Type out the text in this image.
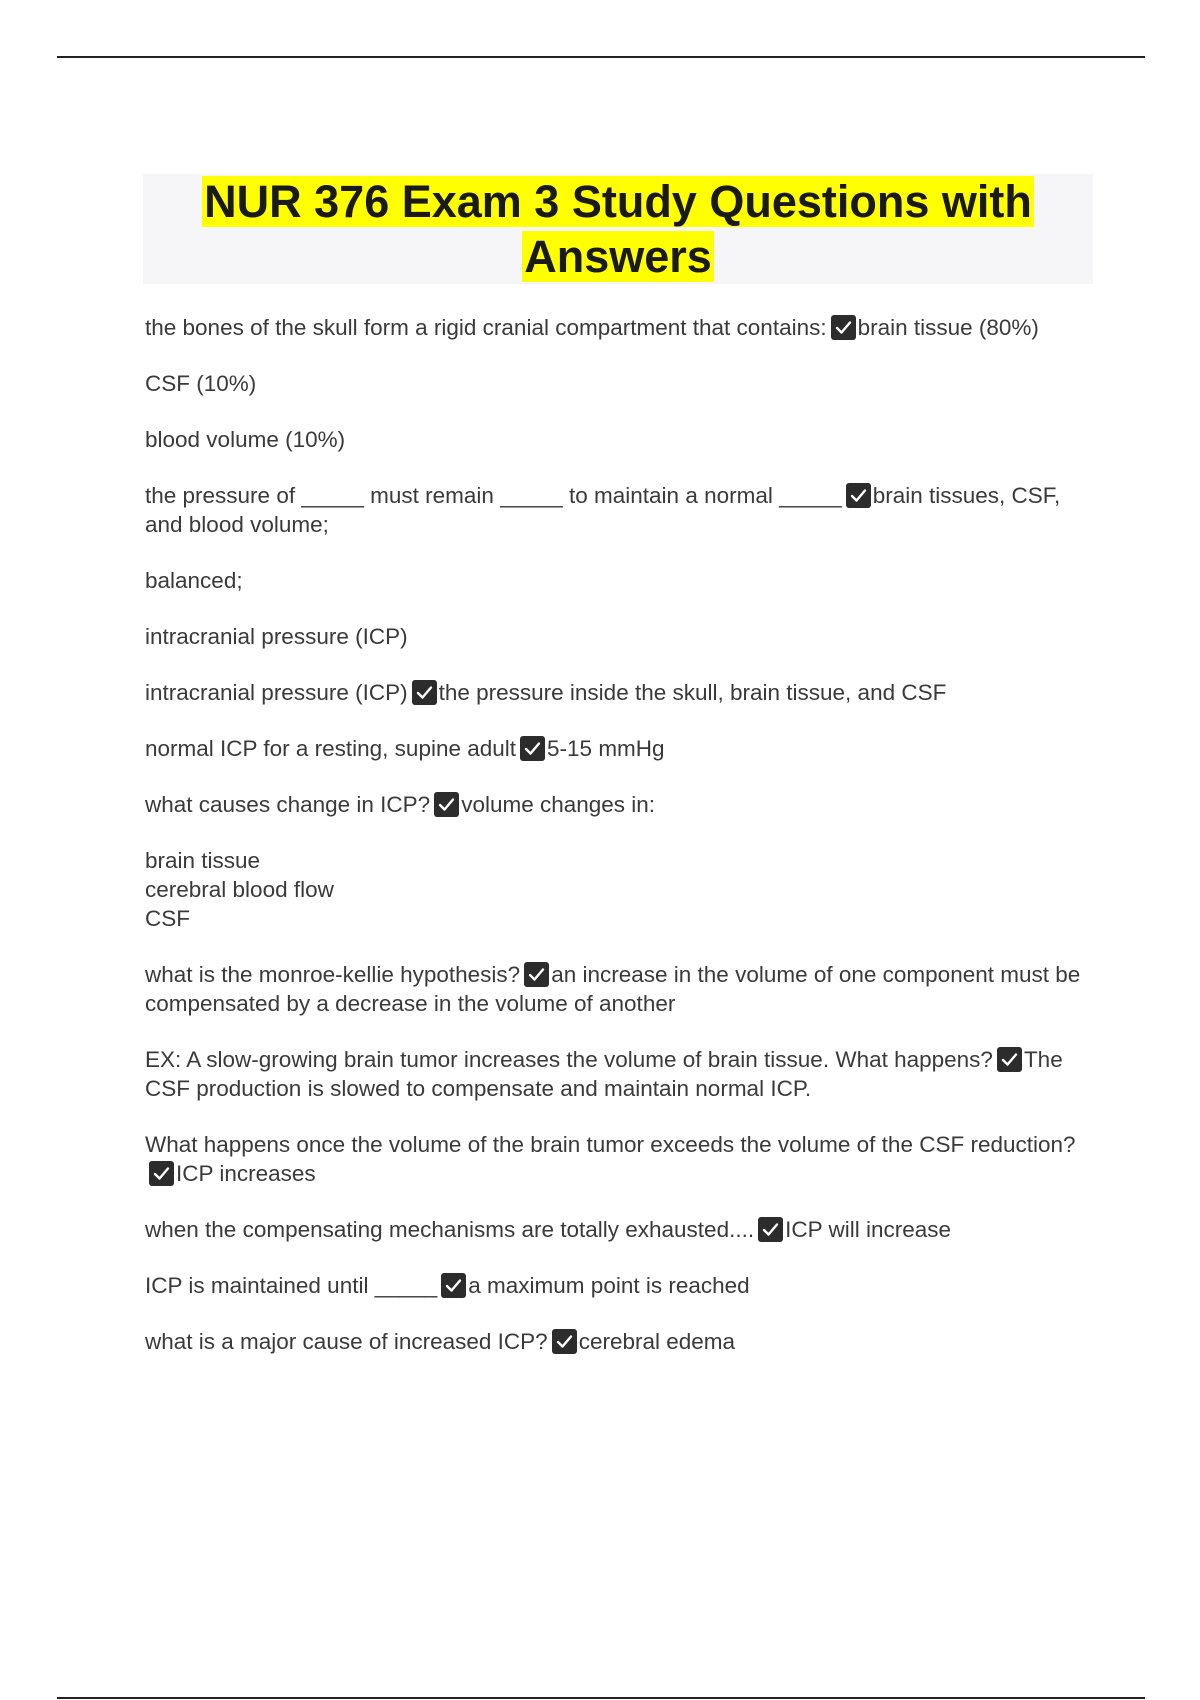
NUR 376 Exam 3 Study Questions with Answers

the bones of the skull form a rigid cranial compartment that contains: brain tissue (80%)

CSF (10%)

blood volume (10%)

the pressure of _____ must remain _____ to maintain a normal _____ brain tissues, CSF, and blood volume;

balanced;

intracranial pressure (ICP)

intracranial pressure (ICP) the pressure inside the skull, brain tissue, and CSF

normal ICP for a resting, supine adult 5-15 mmHg

what causes change in ICP? volume changes in:

brain tissue
cerebral blood flow
CSF

what is the monroe-kellie hypothesis? an increase in the volume of one component must be compensated by a decrease in the volume of another

EX: A slow-growing brain tumor increases the volume of brain tissue. What happens? The CSF production is slowed to compensate and maintain normal ICP.

What happens once the volume of the brain tumor exceeds the volume of the CSF reduction?
ICP increases

when the compensating mechanisms are totally exhausted.... ICP will increase

ICP is maintained until _____ a maximum point is reached

what is a major cause of increased ICP? cerebral edema
